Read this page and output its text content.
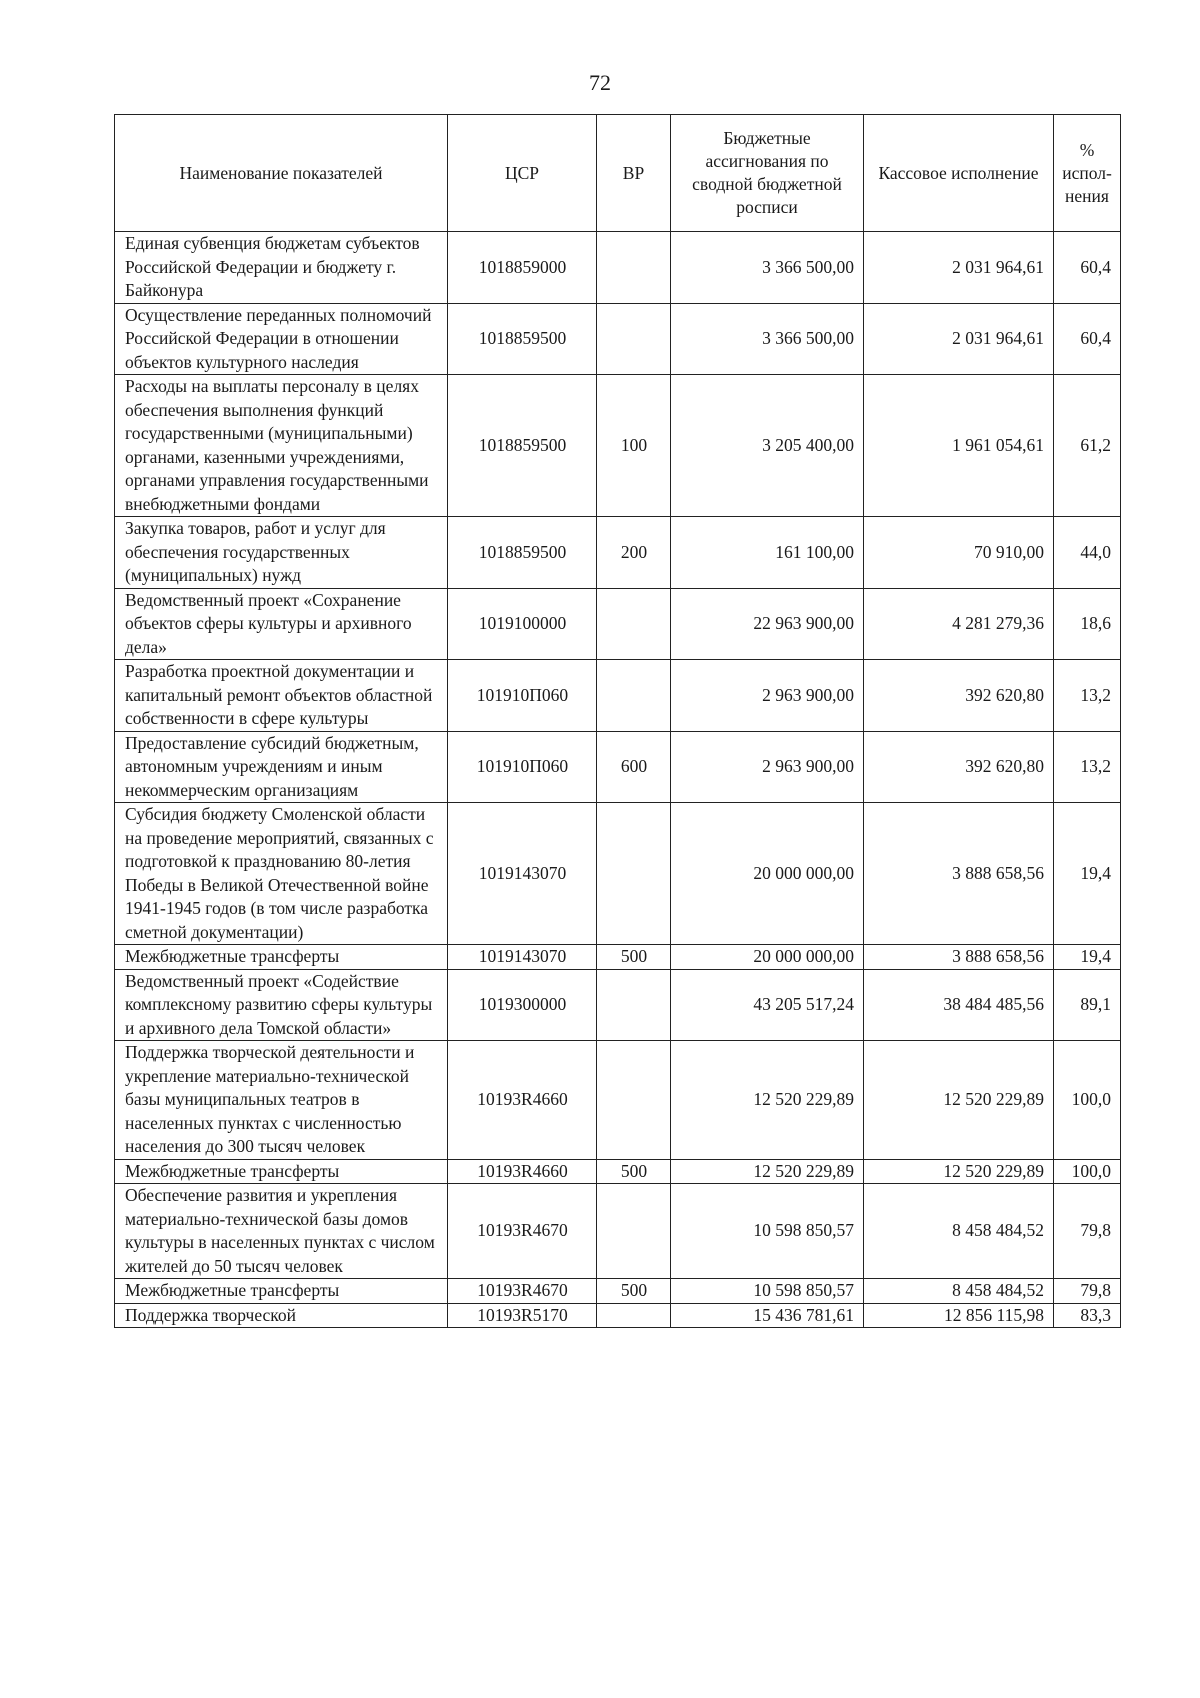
72
Наименование показателей	ЦСР	ВР	Бюджетные ассигнования по сводной бюджетной росписи	Кассовое исполнение	% испол-нения
Единая субвенция бюджетам субъектов Российской Федерации и бюджету г. Байконура	1018859000		3 366 500,00	2 031 964,61	60,4
Осуществление переданных полномочий Российской Федерации в отношении объектов культурного наследия	1018859500		3 366 500,00	2 031 964,61	60,4
Расходы на выплаты персоналу в целях обеспечения выполнения функций государственными (муниципальными) органами, казенными учреждениями, органами управления государственными внебюджетными фондами	1018859500	100	3 205 400,00	1 961 054,61	61,2
Закупка товаров, работ и услуг для обеспечения государственных (муниципальных) нужд	1018859500	200	161 100,00	70 910,00	44,0
Ведомственный проект «Сохранение объектов сферы культуры и архивного дела»	1019100000		22 963 900,00	4 281 279,36	18,6
Разработка проектной документации и капитальный ремонт объектов областной собственности в сфере культуры	101910П060		2 963 900,00	392 620,80	13,2
Предоставление субсидий бюджетным, автономным учреждениям и иным некоммерческим организациям	101910П060	600	2 963 900,00	392 620,80	13,2
Субсидия бюджету Смоленской области на проведение мероприятий, связанных с подготовкой к празднованию 80-летия Победы в Великой Отечественной войне 1941-1945 годов (в том числе разработка сметной документации)	1019143070		20 000 000,00	3 888 658,56	19,4
Межбюджетные трансферты	1019143070	500	20 000 000,00	3 888 658,56	19,4
Ведомственный проект «Содействие комплексному развитию сферы культуры и архивного дела Томской области»	1019300000		43 205 517,24	38 484 485,56	89,1
Поддержка творческой деятельности и укрепление материально-технической базы муниципальных театров в населенных пунктах с численностью населения до 300 тысяч человек	10193R4660		12 520 229,89	12 520 229,89	100,0
Межбюджетные трансферты	10193R4660	500	12 520 229,89	12 520 229,89	100,0
Обеспечение развития и укрепления материально-технической базы домов культуры в населенных пунктах с числом жителей до 50 тысяч человек	10193R4670		10 598 850,57	8 458 484,52	79,8
Межбюджетные трансферты	10193R4670	500	10 598 850,57	8 458 484,52	79,8
Поддержка творческой	10193R5170		15 436 781,61	12 856 115,98	83,3
